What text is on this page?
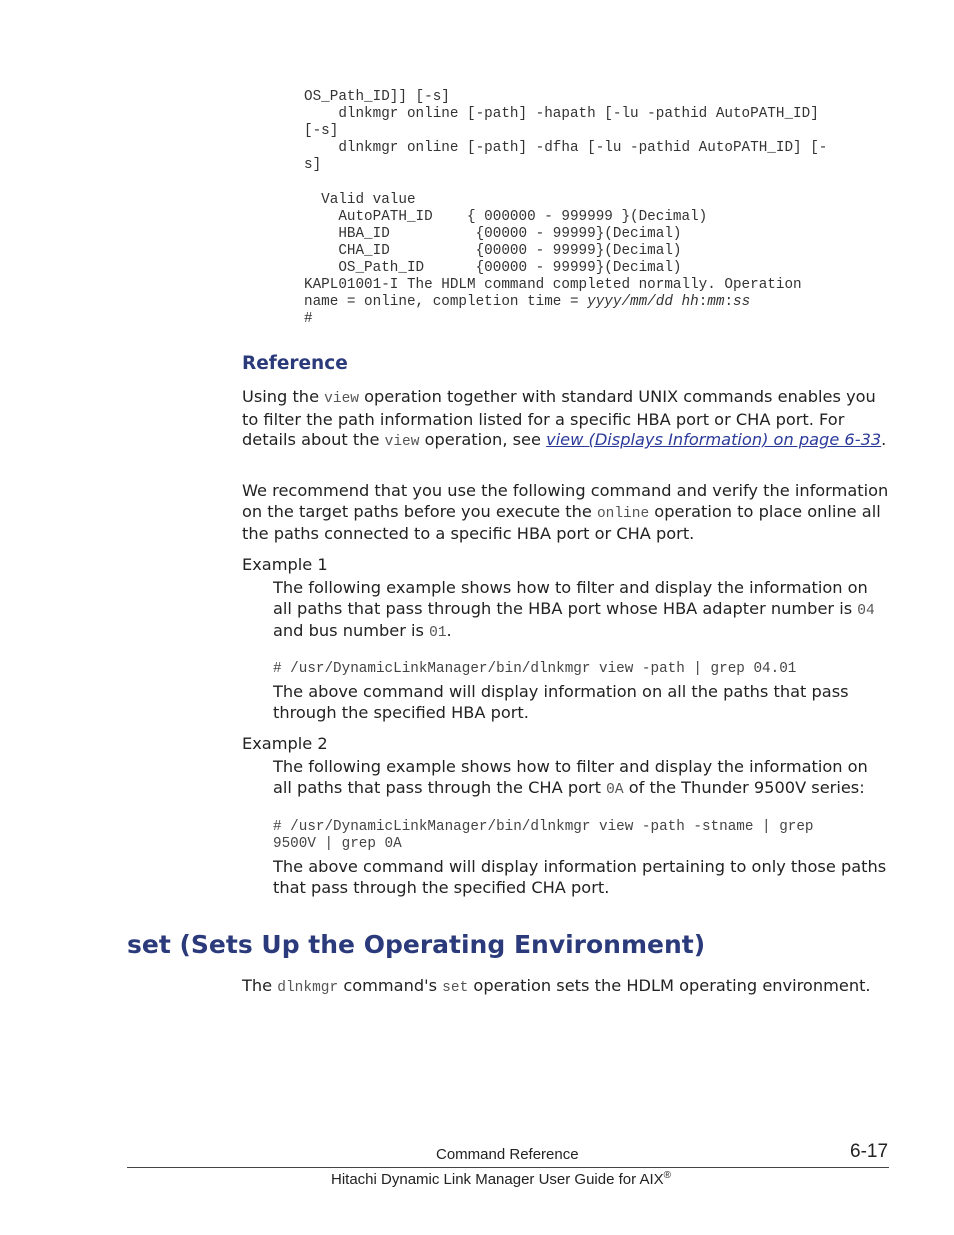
OS_Path_ID]] [-s]
dlnkmgr online [-path] -hapath [-lu -pathid AutoPATH_ID]
[-s]
dlnkmgr online [-path] -dfha [-lu -pathid AutoPATH_ID] [-
s]

Valid value
AutoPATH_ID    { 000000 - 999999 }(Decimal)
HBA_ID          {00000 - 99999}(Decimal)
CHA_ID          {00000 - 99999}(Decimal)
OS_Path_ID      {00000 - 99999}(Decimal)
KAPL01001-I The HDLM command completed normally. Operation
name = online, completion time = yyyy/mm/dd hh:mm:ss
#
Reference

Using the view operation together with standard UNIX commands enables you to filter the path information listed for a specific HBA port or CHA port. For details about the view operation, see view (Displays Information) on page 6-33.

We recommend that you use the following command and verify the information on the target paths before you execute the online operation to place online all the paths connected to a specific HBA port or CHA port.

Example 1

The following example shows how to filter and display the information on all paths that pass through the HBA port whose HBA adapter number is 04 and bus number is 01.

# /usr/DynamicLinkManager/bin/dlnkmgr view -path | grep 04.01

The above command will display information on all the paths that pass through the specified HBA port.

Example 2

The following example shows how to filter and display the information on all paths that pass through the CHA port 0A of the Thunder 9500V series:

# /usr/DynamicLinkManager/bin/dlnkmgr view -path -stname | grep
9500V | grep 0A

The above command will display information pertaining to only those paths that pass through the specified CHA port.

set (Sets Up the Operating Environment)

The dlnkmgr command's set operation sets the HDLM operating environment.

Command Reference	6-17

Hitachi Dynamic Link Manager User Guide for AIX®
